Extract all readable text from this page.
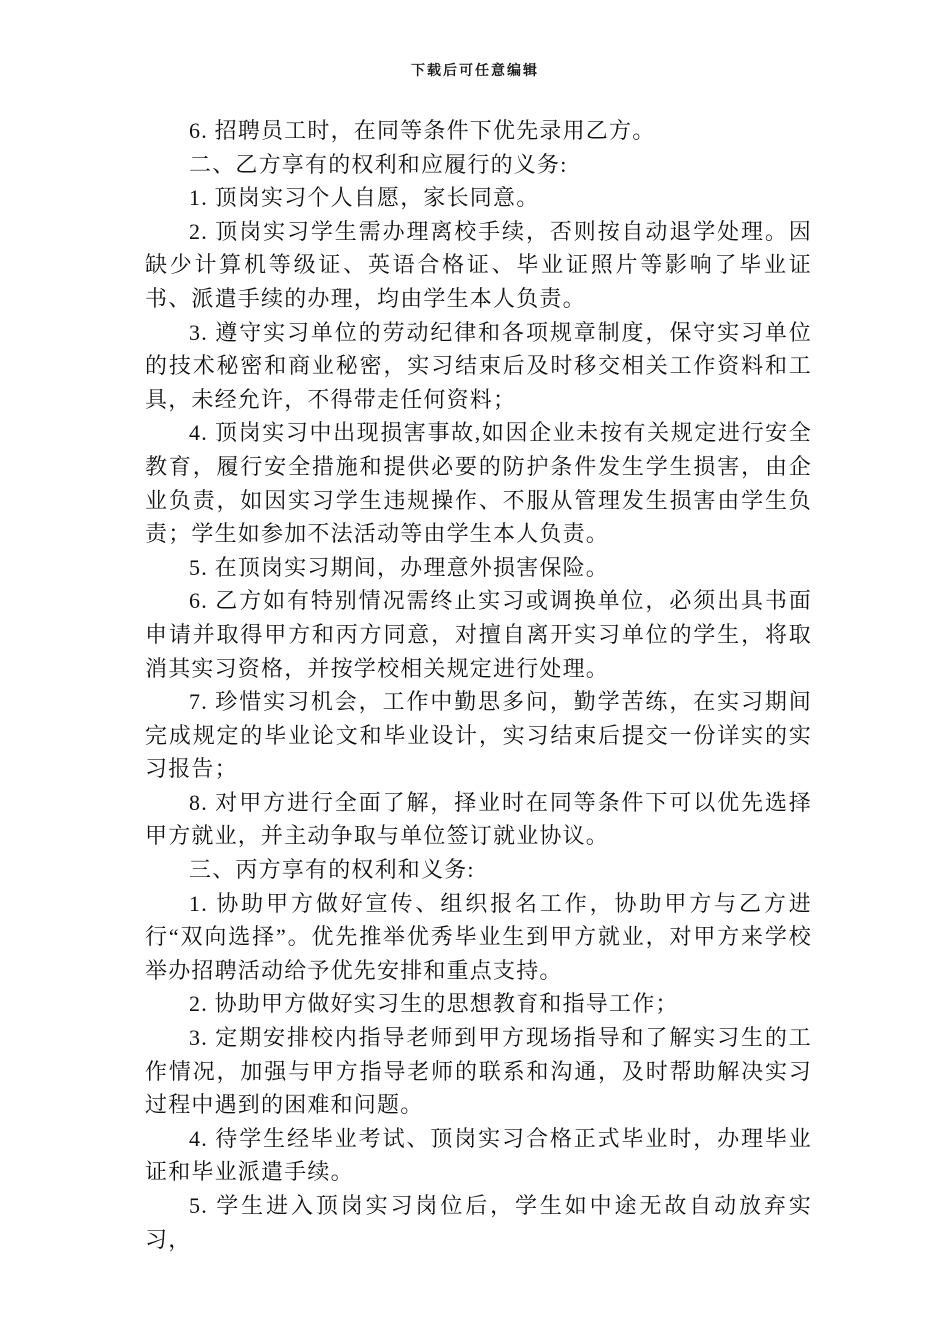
下载后可任意编辑

6. 招聘员工时，在同等条件下优先录用乙方。

二、乙方享有的权利和应履行的义务:

1. 顶岗实习个人自愿，家长同意。

2. 顶岗实习学生需办理离校手续，否则按自动退学处理。因缺少计算机等级证、英语合格证、毕业证照片等影响了毕业证书、派遣手续的办理，均由学生本人负责。

3. 遵守实习单位的劳动纪律和各项规章制度，保守实习单位的技术秘密和商业秘密，实习结束后及时移交相关工作资料和工具，未经允许，不得带走任何资料；

4. 顶岗实习中出现损害事故,如因企业未按有关规定进行安全教育，履行安全措施和提供必要的防护条件发生学生损害，由企业负责，如因实习学生违规操作、不服从管理发生损害由学生负责；学生如参加不法活动等由学生本人负责。

5. 在顶岗实习期间，办理意外损害保险。

6. 乙方如有特别情况需终止实习或调换单位，必须出具书面申请并取得甲方和丙方同意，对擅自离开实习单位的学生，将取消其实习资格，并按学校相关规定进行处理。

7. 珍惜实习机会，工作中勤思多问，勤学苦练，在实习期间完成规定的毕业论文和毕业设计，实习结束后提交一份详实的实习报告；

8. 对甲方进行全面了解，择业时在同等条件下可以优先选择甲方就业，并主动争取与单位签订就业协议。

三、丙方享有的权利和义务:

1. 协助甲方做好宣传、组织报名工作，协助甲方与乙方进行“双向选择”。优先推举优秀毕业生到甲方就业，对甲方来学校举办招聘活动给予优先安排和重点支持。

2. 协助甲方做好实习生的思想教育和指导工作；

3. 定期安排校内指导老师到甲方现场指导和了解实习生的工作情况，加强与甲方指导老师的联系和沟通，及时帮助解决实习过程中遇到的困难和问题。

4. 待学生经毕业考试、顶岗实习合格正式毕业时，办理毕业证和毕业派遣手续。

5. 学生进入顶岗实习岗位后，学生如中途无故自动放弃实习，
